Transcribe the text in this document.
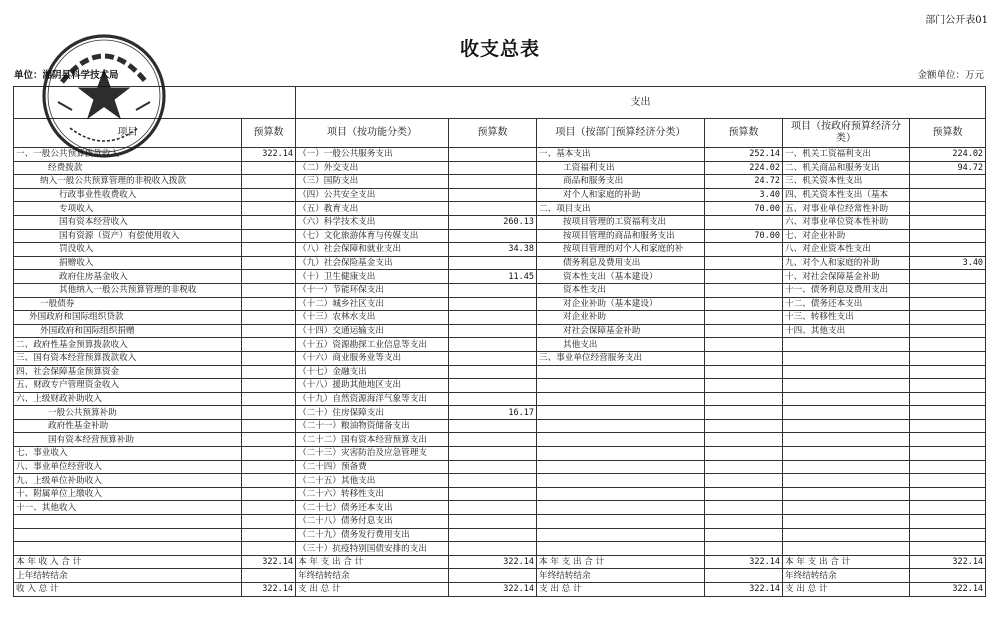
部门公开表01
收支总表
单位：湘阴县科学技术局	金额单位：万元
		支出					
项目	预算数	项目（按功能分类）	预算数	项目（按部门预算经济分类）	预算数	项目（按政府预算经济分类）	预算数
一、一般公共预算拨款收入	322.14	（一）一般公共服务支出		一、基本支出	252.14	一、机关工资福利支出	224.02
经费拨款		（二）外交支出		工资福利支出	224.02	二、机关商品和服务支出	94.72
纳入一般公共预算管理的非税收入拨款		（三）国防支出		商品和服务支出	24.72	三、机关资本性支出	
行政事业性收费收入		（四）公共安全支出		对个人和家庭的补助	3.40	四、机关资本性支出（基本	
专项收入		（五）教育支出		二、项目支出	70.00	五、对事业单位经常性补助	
国有资本经营收入		（六）科学技术支出	260.13	按项目管理的工资福利支出		六、对事业单位资本性补助	
国有资源（资产）有偿使用收入		（七）文化旅游体育与传媒支出		按项目管理的商品和服务支出	70.00	七、对企业补助	
罚没收入		（八）社会保障和就业支出	34.38	按项目管理的对个人和家庭的补		八、对企业资本性支出	
捐赠收入		（九）社会保险基金支出		债务利息及费用支出		九、对个人和家庭的补助	3.40
政府住房基金收入		（十）卫生健康支出	11.45	资本性支出（基本建设）		十、对社会保障基金补助	
其他纳入一般公共预算管理的非税收		（十一）节能环保支出		资本性支出		十一、债务利息及费用支出	
一般债券		（十二）城乡社区支出		对企业补助（基本建设）		十二、债务还本支出	
外国政府和国际组织贷款		（十三）农林水支出		对企业补助		十三、转移性支出	
外国政府和国际组织捐赠		（十四）交通运输支出		对社会保障基金补助		十四、其他支出	
二、政府性基金预算拨款收入		（十五）资源勘探工业信息等支出		其他支出			
三、国有资本经营预算拨款收入		（十六）商业服务业等支出		三、事业单位经营服务支出			
四、社会保障基金预算资金		（十七）金融支出					
五、财政专户管理资金收入		（十八）援助其他地区支出					
六、上级财政补助收入		（十九）自然资源海洋气象等支出					
一般公共预算补助		（二十）住房保障支出	16.17				
政府性基金补助		（二十一）粮油物资储备支出					
国有资本经营预算补助		（二十二）国有资本经营预算支出					
七、事业收入		（二十三）灾害防治及应急管理支					
八、事业单位经营收入		（二十四）预备费					
九、上级单位补助收入		（二十五）其他支出					
十、附属单位上缴收入		（二十六）转移性支出					
十一、其他收入		（二十七）债务还本支出					
		（二十八）债务付息支出					
		（二十九）债务发行费用支出					
		（三十）抗疫特别国债安排的支出					
本 年 收 入 合 计	322.14	本 年 支 出 合 计	322.14	本 年 支 出 合 计	322.14	本 年 支 出 合 计	322.14
上年结转结余		年终结转结余		年终结转结余		年终结转结余	
收 入 总 计	322.14	支 出 总 计	322.14	支 出 总 计	322.14	支 出 总 计	322.14
